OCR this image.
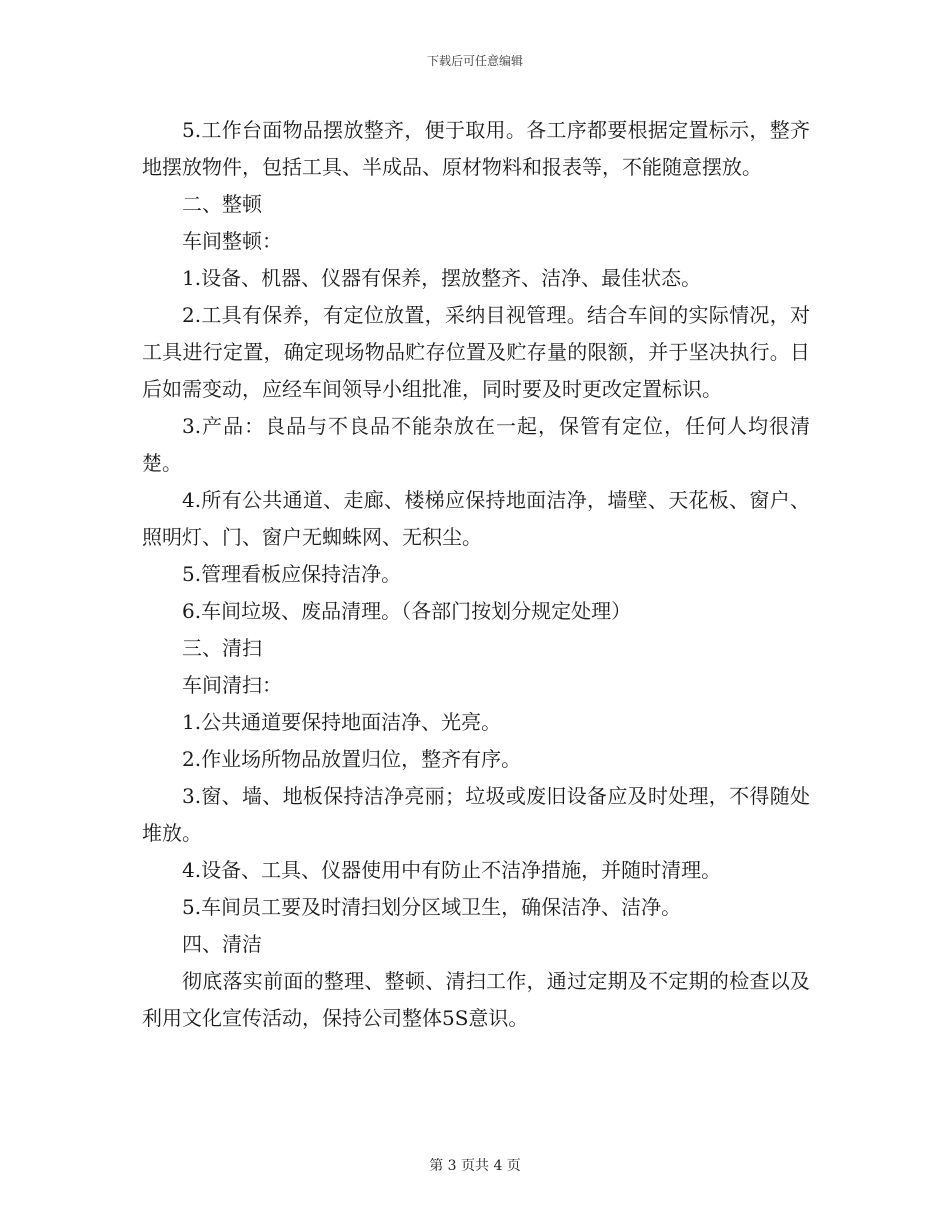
下载后可任意编辑

5.工作台面物品摆放整齐，便于取用。各工序都要根据定置标示，整齐地摆放物件，包括工具、半成品、原材物料和报表等，不能随意摆放。

二、整顿

车间整顿：

1.设备、机器、仪器有保养，摆放整齐、洁净、最佳状态。

2.工具有保养，有定位放置，采纳目视管理。结合车间的实际情况，对工具进行定置，确定现场物品贮存位置及贮存量的限额，并于坚决执行。日后如需变动，应经车间领导小组批准，同时要及时更改定置标识。

3.产品：良品与不良品不能杂放在一起，保管有定位，任何人均很清楚。

4.所有公共通道、走廊、楼梯应保持地面洁净，墙壁、天花板、窗户、照明灯、门、窗户无蜘蛛网、无积尘。

5.管理看板应保持洁净。

6.车间垃圾、废品清理。（各部门按划分规定处理）

三、清扫

车间清扫：

1.公共通道要保持地面洁净、光亮。

2.作业场所物品放置归位，整齐有序。

3.窗、墙、地板保持洁净亮丽；垃圾或废旧设备应及时处理，不得随处堆放。

4.设备、工具、仪器使用中有防止不洁净措施，并随时清理。

5.车间员工要及时清扫划分区域卫生，确保洁净、洁净。

四、清洁

彻底落实前面的整理、整顿、清扫工作，通过定期及不定期的检查以及利用文化宣传活动，保持公司整体5S意识。

第 3 页共 4 页
